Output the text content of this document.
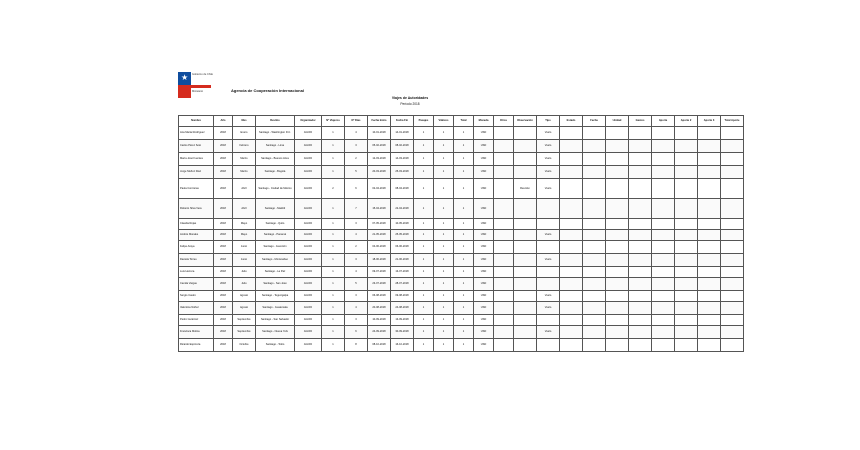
★ Gobierno de Chile
Ministerio	Agencia de Cooperación Internacional
Viajes de Autoridades
Período 2018
Nombre	Año	Mes	Destino	Organizador	Nº Viajeros	Nº Días	Fecha Inicio	Fecha Fin	Pasajes	Viáticos	Total	Moneda	Otros	Observación	Tipo	Estado	Fecha	Unidad	Gastos	Aporte	Aporte 2	Aporte 3	Total Aporte
Ana María Rodríguez	2018	Enero	Santiago - Washington D.C.	AGCID	1	4	10-01-2018	14-01-2018	1	1	1	USD			Vuelo								
Carlos Pérez Soto	2018	Febrero	Santiago - Lima	AGCID	1	3	05-02-2018	08-02-2018	1	1	1	USD			Vuelo								
María José Fuentes	2018	Marzo	Santiago - Buenos Aires	AGCID	1	2	12-03-2018	14-03-2018	1	1	1	USD			Vuelo								
Jorge Muñoz Díaz	2018	Marzo	Santiago - Bogotá	AGCID	1	5	20-03-2018	25-03-2018	1	1	1	USD			Vuelo								
Paula Contreras	2018	Abril	Santiago - Ciudad de México	AGCID	2	6	02-04-2018	08-04-2018	1	1	1	USD		Reunión	Vuelo								
Roberto Silva Vera	2018	Abril	Santiago - Madrid	AGCID	1	7	15-04-2018	22-04-2018	1	1	1	USD											
Claudia Rojas	2018	Mayo	Santiago - Quito	AGCID	1	3	07-05-2018	10-05-2018	1	1	1	USD											
Andrés Morales	2018	Mayo	Santiago - Panamá	AGCID	1	4	21-05-2018	25-05-2018	1	1	1	USD			Vuelo								
Felipe Araya	2018	Junio	Santiago - Asunción	AGCID	1	2	04-06-2018	06-06-2018	1	1	1	USD											
Daniela Torres	2018	Junio	Santiago - Montevideo	AGCID	1	3	18-06-2018	21-06-2018	1	1	1	USD			Vuelo								
Luis Herrera	2018	Julio	Santiago - La Paz	AGCID	1	4	09-07-2018	13-07-2018	1	1	1	USD											
Camila Vargas	2018	Julio	Santiago - San José	AGCID	1	5	23-07-2018	28-07-2018	1	1	1	USD											
Sergio Castro	2018	Agosto	Santiago - Tegucigalpa	AGCID	1	3	06-08-2018	09-08-2018	1	1	1	USD			Vuelo								
Valentina Núñez	2018	Agosto	Santiago - Guatemala	AGCID	1	4	20-08-2018	24-08-2018	1	1	1	USD			Vuelo								
Pedro Gutiérrez	2018	Septiembre	Santiago - San Salvador	AGCID	1	3	10-09-2018	13-09-2018	1	1	1	USD											
Francisca Molina	2018	Septiembre	Santiago - Nueva York	AGCID	1	6	24-09-2018	30-09-2018	1	1	1	USD			Vuelo								
Ricardo Espinoza	2018	Octubre	Santiago - Tokio	AGCID	1	8	08-10-2018	16-10-2018	1	1	1	USD											
